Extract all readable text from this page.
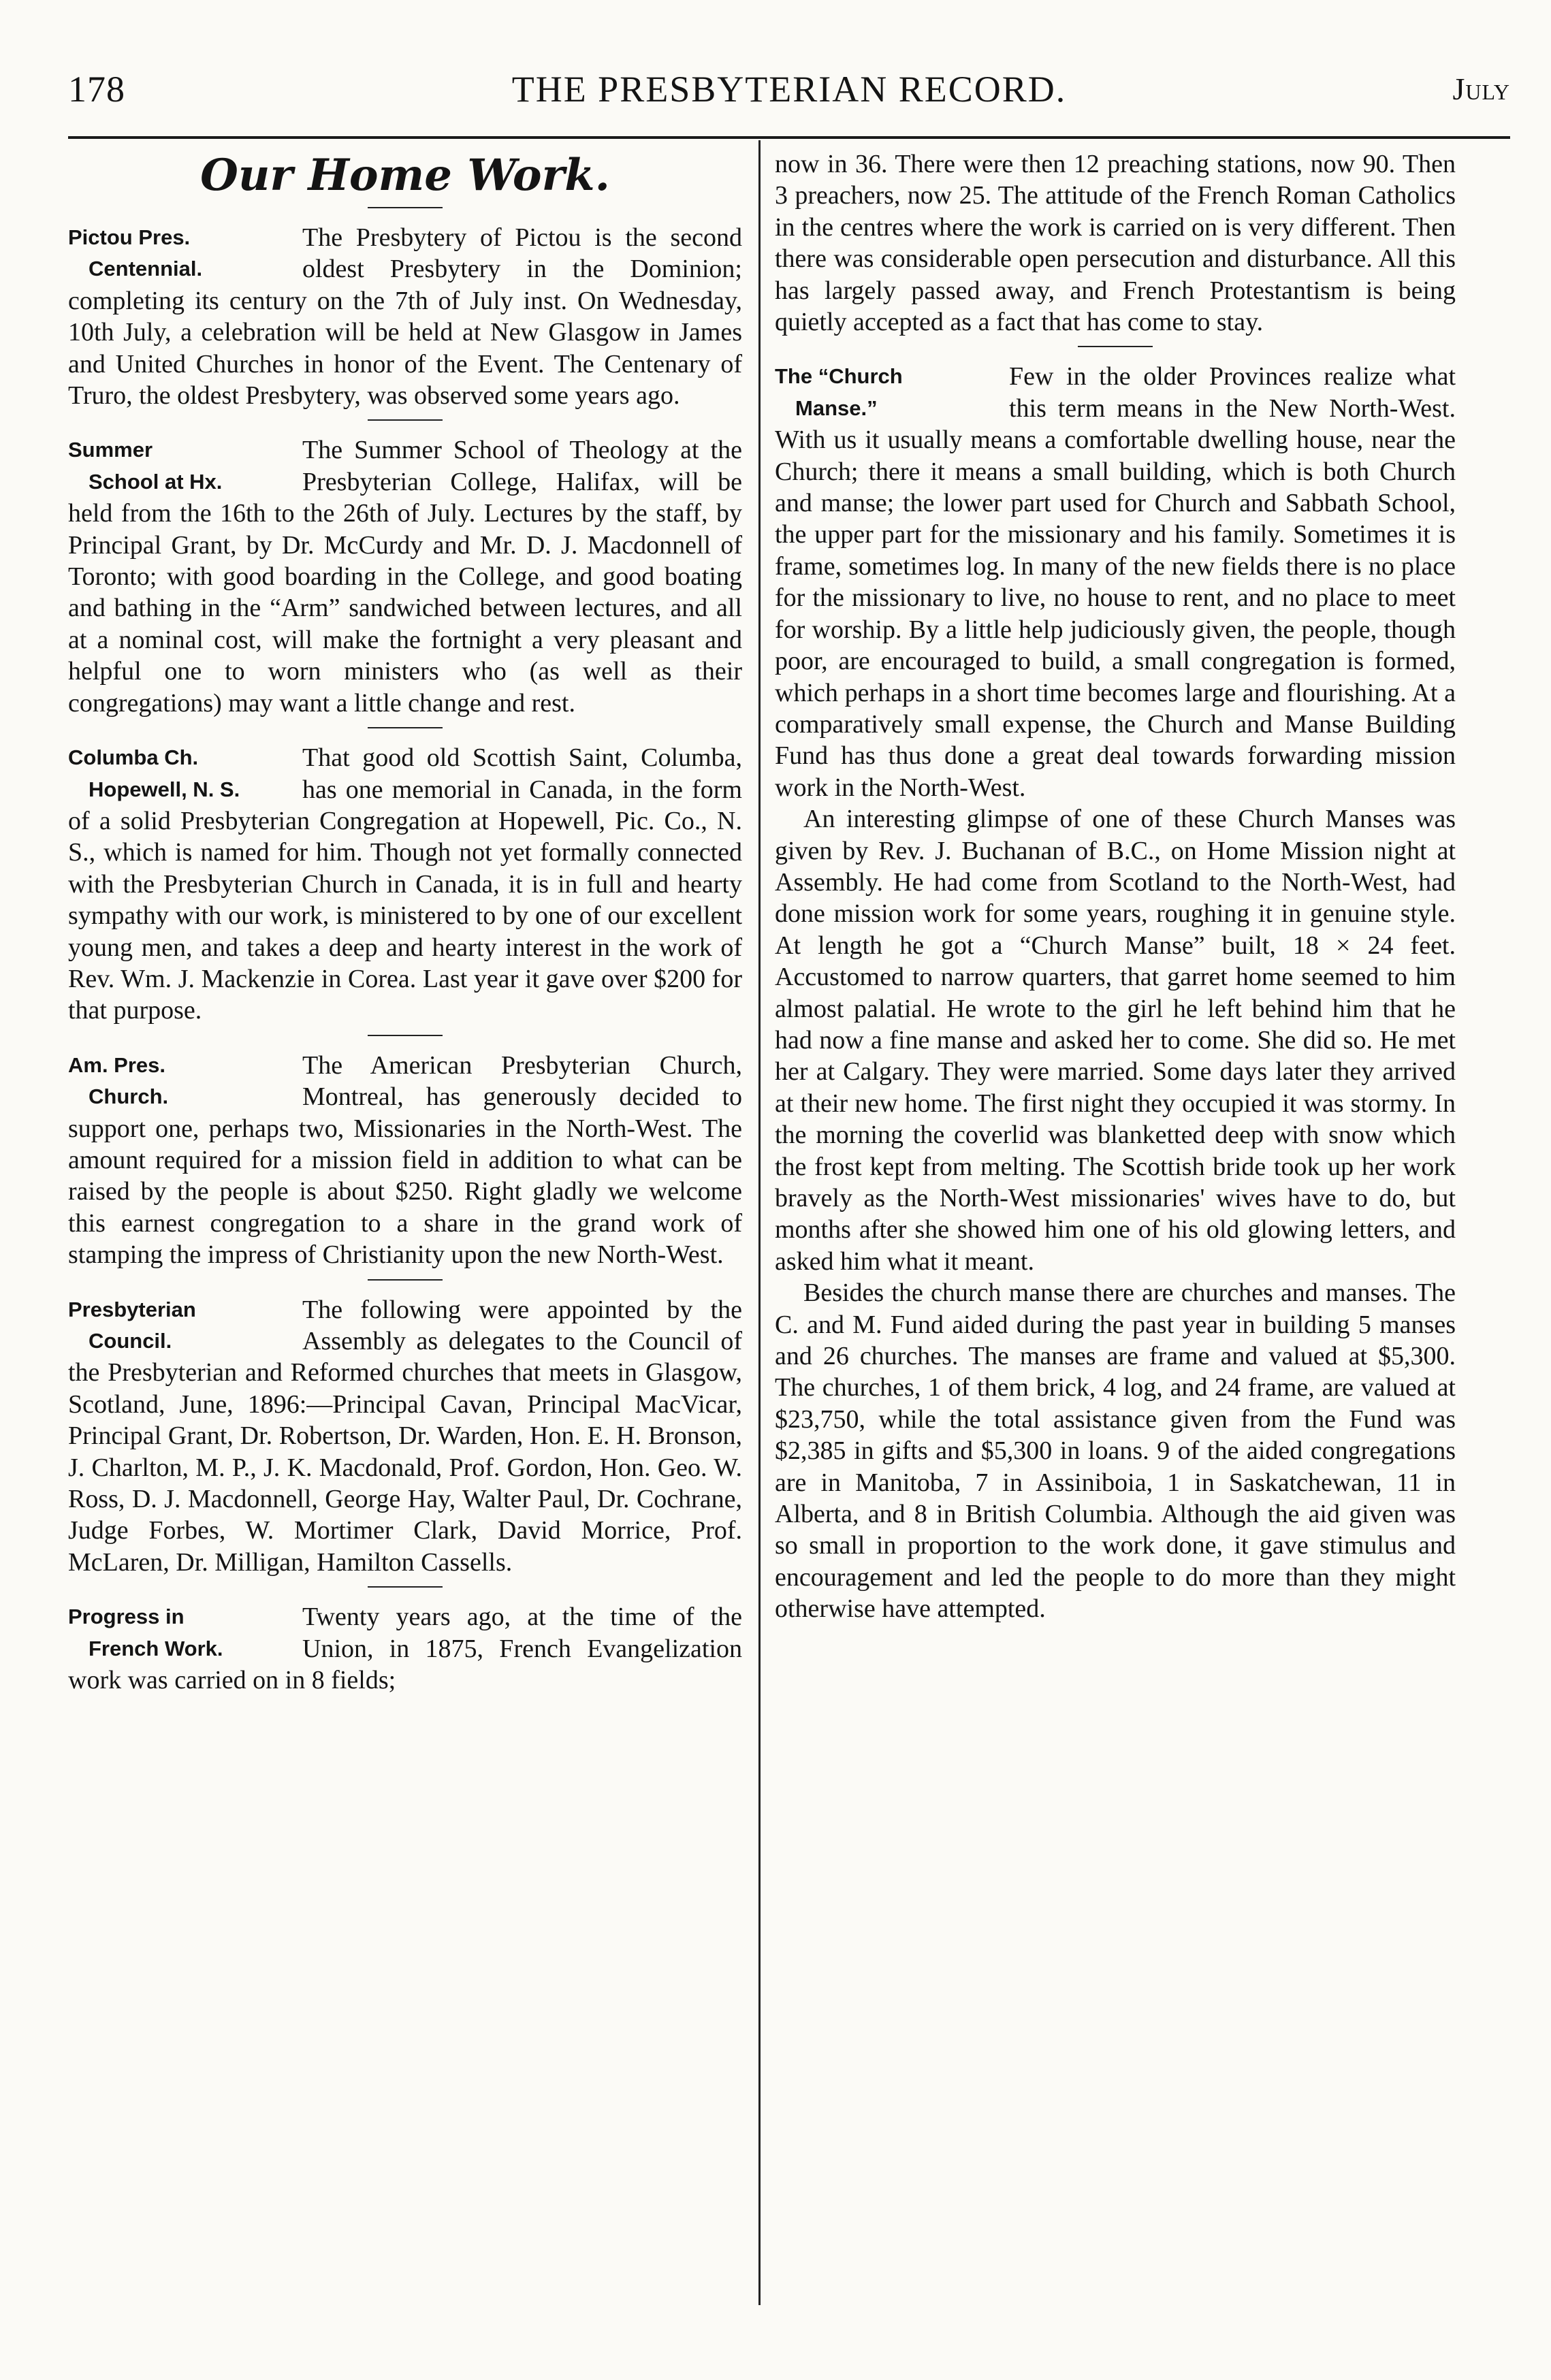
178	THE PRESBYTERIAN RECORD.	July
Our Home Work.
Pictou Pres.
Centennial.

The Presbytery of Pictou is the second oldest Presbytery in the Dominion; completing its century on the 7th of July inst. On Wednesday, 10th July, a celebration will be held at New Glasgow in James and United Churches in honor of the Event. The Centenary of Truro, the oldest Presbytery, was observed some years ago.

Summer
School at Hx.

The Summer School of Theology at the Presbyterian College, Halifax, will be held from the 16th to the 26th of July. Lectures by the staff, by Principal Grant, by Dr. McCurdy and Mr. D. J. Macdonnell of Toronto; with good boarding in the College, and good boating and bathing in the “Arm” sandwiched between lectures, and all at a nominal cost, will make the fortnight a very pleasant and helpful one to worn ministers who (as well as their congregations) may want a little change and rest.

Columba Ch.
Hopewell, N. S.

That good old Scottish Saint, Columba, has one memorial in Canada, in the form of a solid Presbyterian Congregation at Hopewell, Pic. Co., N. S., which is named for him. Though not yet formally connected with the Presbyterian Church in Canada, it is in full and hearty sympathy with our work, is ministered to by one of our excellent young men, and takes a deep and hearty interest in the work of Rev. Wm. J. Mackenzie in Corea. Last year it gave over $200 for that purpose.

Am. Pres.
Church.

The American Presbyterian Church, Montreal, has generously decided to support one, perhaps two, Missionaries in the North-West. The amount required for a mission field in addition to what can be raised by the people is about $250. Right gladly we welcome this earnest congregation to a share in the grand work of stamping the impress of Christianity upon the new North-West.

Presbyterian
Council.

The following were appointed by the Assembly as delegates to the Council of the Presbyterian and Reformed churches that meets in Glasgow, Scotland, June, 1896:—Principal Cavan, Principal MacVicar, Principal Grant, Dr. Robertson, Dr. Warden, Hon. E. H. Bronson, J. Charlton, M. P., J. K. Macdonald, Prof. Gordon, Hon. Geo. W. Ross, D. J. Macdonnell, George Hay, Walter Paul, Dr. Cochrane, Judge Forbes, W. Mortimer Clark, David Morrice, Prof. McLaren, Dr. Milligan, Hamilton Cassells.

Progress in
French Work.

Twenty years ago, at the time of the Union, in 1875, French Evangelization work was carried on in 8 fields;

now in 36. There were then 12 preaching stations, now 90. Then 3 preachers, now 25. The attitude of the French Roman Catholics in the centres where the work is carried on is very different. Then there was considerable open persecution and disturbance. All this has largely passed away, and French Protestantism is being quietly accepted as a fact that has come to stay.

The “Church
Manse.”

Few in the older Provinces realize what this term means in the New North-West. With us it usually means a comfortable dwelling house, near the Church; there it means a small building, which is both Church and manse; the lower part used for Church and Sabbath School, the upper part for the missionary and his family. Sometimes it is frame, sometimes log. In many of the new fields there is no place for the missionary to live, no house to rent, and no place to meet for worship. By a little help judiciously given, the people, though poor, are encouraged to build, a small congregation is formed, which perhaps in a short time becomes large and flourishing. At a comparatively small expense, the Church and Manse Building Fund has thus done a great deal towards forwarding mission work in the North-West.

An interesting glimpse of one of these Church Manses was given by Rev. J. Buchanan of B.C., on Home Mission night at Assembly. He had come from Scotland to the North-West, had done mission work for some years, roughing it in genuine style. At length he got a “Church Manse” built, 18 × 24 feet. Accustomed to narrow quarters, that garret home seemed to him almost palatial. He wrote to the girl he left behind him that he had now a fine manse and asked her to come. She did so. He met her at Calgary. They were married. Some days later they arrived at their new home. The first night they occupied it was stormy. In the morning the coverlid was blanketted deep with snow which the frost kept from melting. The Scottish bride took up her work bravely as the North-West missionaries' wives have to do, but months after she showed him one of his old glowing letters, and asked him what it meant.

Besides the church manse there are churches and manses. The C. and M. Fund aided during the past year in building 5 manses and 26 churches. The manses are frame and valued at $5,300. The churches, 1 of them brick, 4 log, and 24 frame, are valued at $23,750, while the total assistance given from the Fund was $2,385 in gifts and $5,300 in loans. 9 of the aided congregations are in Manitoba, 7 in Assiniboia, 1 in Saskatchewan, 11 in Alberta, and 8 in British Columbia. Although the aid given was so small in proportion to the work done, it gave stimulus and encouragement and led the people to do more than they might otherwise have attempted.
